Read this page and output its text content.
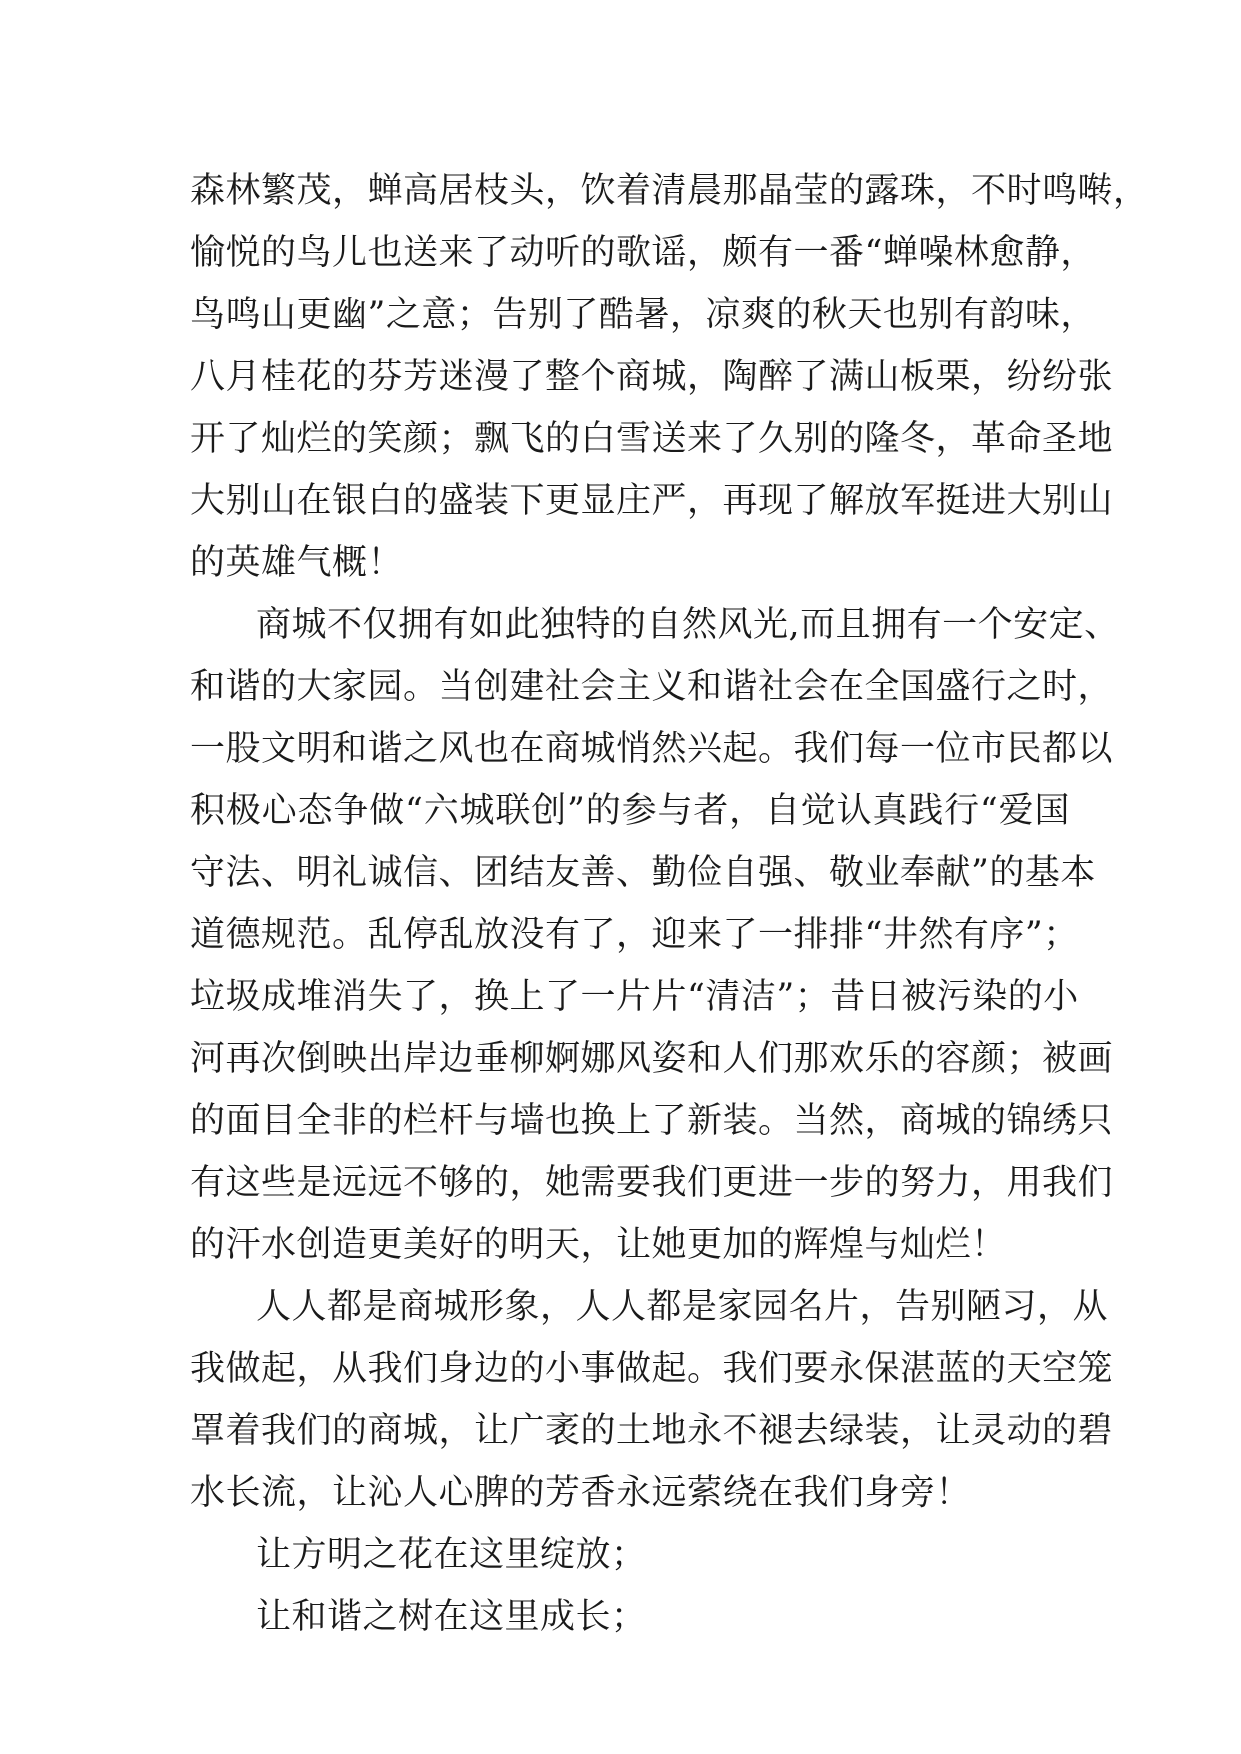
森林繁茂，蝉高居枝头，饮着清晨那晶莹的露珠，不时鸣啭，
愉悦的鸟儿也送来了动听的歌谣，颇有一番“蝉噪林愈静，
鸟鸣山更幽”之意；告别了酷暑，凉爽的秋天也别有韵味，
八月桂花的芬芳迷漫了整个商城，陶醉了满山板栗，纷纷张
开了灿烂的笑颜；飘飞的白雪送来了久别的隆冬，革命圣地
大别山在银白的盛装下更显庄严，再现了解放军挺进大别山
的英雄气概！
商城不仅拥有如此独特的自然风光,而且拥有一个安定、
和谐的大家园。当创建社会主义和谐社会在全国盛行之时，
一股文明和谐之风也在商城悄然兴起。我们每一位市民都以
积极心态争做“六城联创”的参与者，自觉认真践行“爱国
守法、明礼诚信、团结友善、勤俭自强、敬业奉献”的基本
道德规范。乱停乱放没有了，迎来了一排排“井然有序”；
垃圾成堆消失了，换上了一片片“清洁”；昔日被污染的小
河再次倒映出岸边垂柳婀娜风姿和人们那欢乐的容颜；被画
的面目全非的栏杆与墙也换上了新装。当然，商城的锦绣只
有这些是远远不够的，她需要我们更进一步的努力，用我们
的汗水创造更美好的明天，让她更加的辉煌与灿烂！
人人都是商城形象，人人都是家园名片，告别陋习，从
我做起，从我们身边的小事做起。我们要永保湛蓝的天空笼
罩着我们的商城，让广袤的土地永不褪去绿装，让灵动的碧
水长流，让沁人心脾的芳香永远萦绕在我们身旁！
让方明之花在这里绽放；
让和谐之树在这里成长；
